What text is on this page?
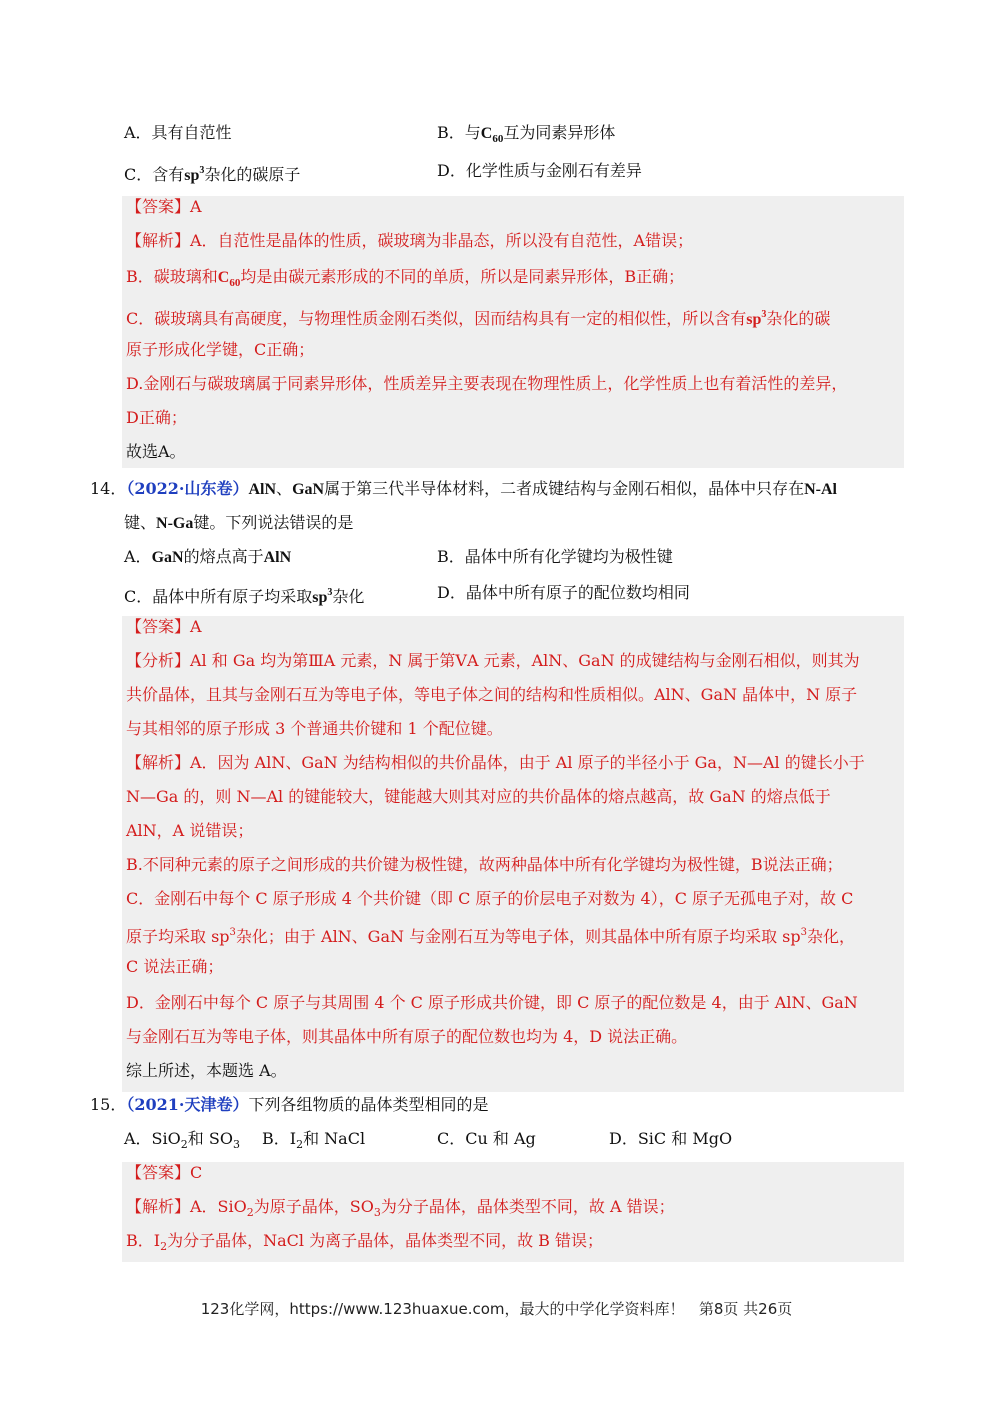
A．具有自范性	B．与$C_{60}$互为同素异形体
C．含有$sp^3$杂化的碳原子	D．化学性质与金刚石有差异
【答案】A
【解析】A．自范性是晶体的性质，碳玻璃为非晶态，所以没有自范性，A错误；
B．碳玻璃和$C_{60}$均是由碳元素形成的不同的单质，所以是同素异形体，B正确；
C．碳玻璃具有高硬度，与物理性质金刚石类似，因而结构具有一定的相似性，所以含有$sp^3$杂化的碳
原子形成化学键，C正确；
D.金刚石与碳玻璃属于同素异形体，性质差异主要表现在物理性质上，化学性质上也有着活性的差异，
D正确；
故选A。
14．（2022·山东卷）AlN、GaN属于第三代半导体材料，二者成键结构与金刚石相似，晶体中只存在N-Al
键、N-Ga键。下列说法错误的是
A．GaN的熔点高于AlN	B．晶体中所有化学键均为极性键
C．晶体中所有原子均采取$sp^3$杂化	D．晶体中所有原子的配位数均相同
【答案】A
【分析】Al 和 Ga 均为第ⅢA 元素，N 属于第ⅤA 元素，AlN、GaN 的成键结构与金刚石相似，则其为
共价晶体，且其与金刚石互为等电子体，等电子体之间的结构和性质相似。AlN、GaN 晶体中，N 原子
与其相邻的原子形成 3 个普通共价键和 1 个配位键。
【解析】A．因为 AlN、GaN 为结构相似的共价晶体，由于 Al 原子的半径小于 Ga，N—Al 的键长小于
N—Ga 的，则 N—Al 的键能较大，键能越大则其对应的共价晶体的熔点越高，故 GaN 的熔点低于
AlN，A 说错误；
B.不同种元素的原子之间形成的共价键为极性键，故两种晶体中所有化学键均为极性键，B说法正确；
C．金刚石中每个 C 原子形成 4 个共价键（即 C 原子的价层电子对数为 4），C 原子无孤电子对，故 C
原子均采取 $sp^3$杂化；由于 AlN、GaN 与金刚石互为等电子体，则其晶体中所有原子均采取 $sp^3$杂化，
C 说法正确；
D．金刚石中每个 C 原子与其周围 4 个 C 原子形成共价键，即 C 原子的配位数是 4，由于 AlN、GaN
与金刚石互为等电子体，则其晶体中所有原子的配位数也均为 4，D 说法正确。
综上所述，本题选 A。
15．（2021·天津卷）下列各组物质的晶体类型相同的是
A．SiO$_2$和 $SO_3$ B．$I_2$和 NaCl	C．Cu 和 Ag	D．SiC 和 MgO
【答案】C
【解析】A．SiO$_2$为原子晶体，$SO_3$为分子晶体，晶体类型不同，故 A 错误；
B．$I_2$为分子晶体，NaCl 为离子晶体，晶体类型不同，故 B 错误；
123化学网，https://www.123huaxue.com，最大的中学化学资料库！ 第8页 共26页
